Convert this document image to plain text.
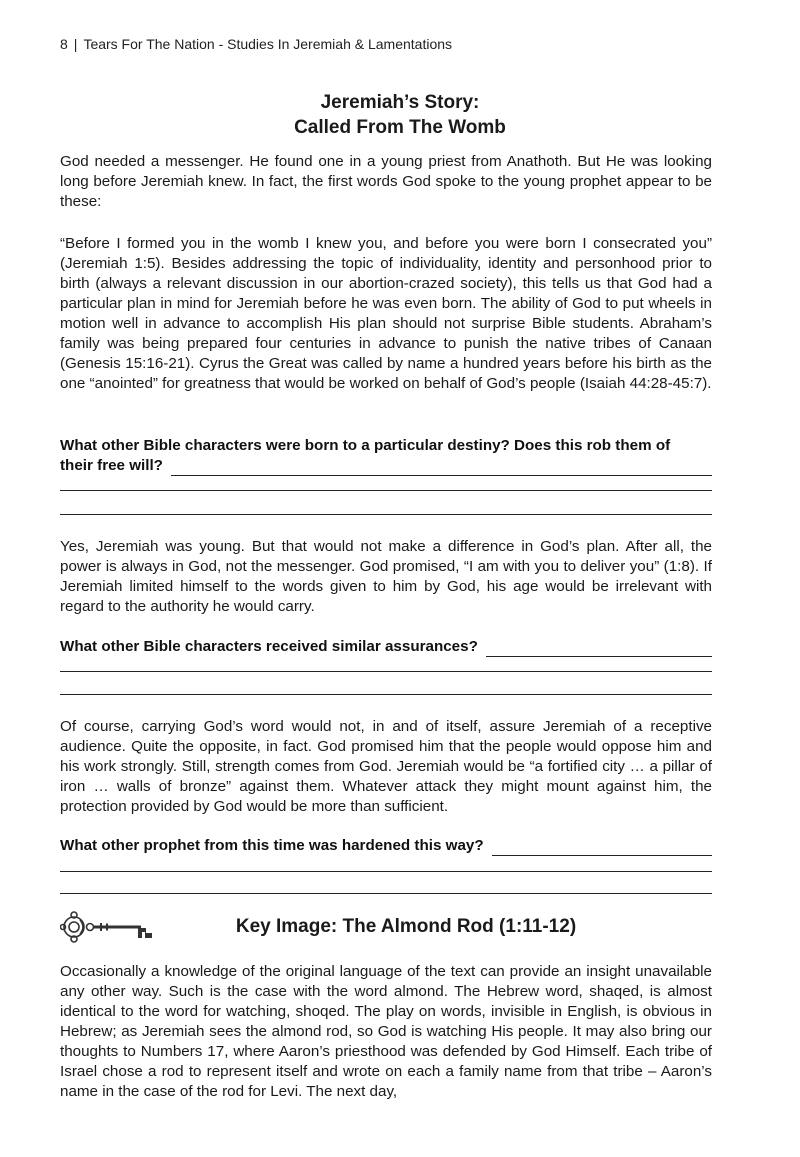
8 | Tears For The Nation - Studies In Jeremiah & Lamentations
Jeremiah’s Story:
Called From The Womb

God needed a messenger. He found one in a young priest from Anathoth. But He was looking long before Jeremiah knew. In fact, the first words God spoke to the young prophet appear to be these:

“Before I formed you in the womb I knew you, and before you were born I consecrated you” (Jeremiah 1:5). Besides addressing the topic of individuality, identity and personhood prior to birth (always a relevant discussion in our abortion-crazed society), this tells us that God had a particular plan in mind for Jeremiah before he was even born. The ability of God to put wheels in motion well in advance to accomplish His plan should not surprise Bible students. Abraham’s family was being prepared four centuries in advance to punish the native tribes of Canaan (Genesis 15:16-21). Cyrus the Great was called by name a hundred years before his birth as the one “anointed” for greatness that would be worked on behalf of God’s people (Isaiah 44:28-45:7).

What other Bible characters were born to a particular destiny? Does this rob them of
their free will?

Yes, Jeremiah was young. But that would not make a difference in God’s plan. After all, the power is always in God, not the messenger. God promised, “I am with you to deliver you” (1:8). If Jeremiah limited himself to the words given to him by God, his age would be irrelevant with regard to the authority he would carry.

What other Bible characters received similar assurances?

Of course, carrying God’s word would not, in and of itself, assure Jeremiah of a receptive audience. Quite the opposite, in fact. God promised him that the people would oppose him and his work strongly. Still, strength comes from God. Jeremiah would be “a fortified city … a pillar of iron … walls of bronze” against them. Whatever attack they might mount against him, the protection provided by God would be more than sufficient.

What other prophet from this time was hardened this way?
Key Image: The Almond Rod (1:11-12)

Occasionally a knowledge of the original language of the text can provide an insight unavailable any other way. Such is the case with the word almond. The Hebrew word, shaqed, is almost identical to the word for watching, shoqed. The play on words, invisible in English, is obvious in Hebrew; as Jeremiah sees the almond rod, so God is watching His people. It may also bring our thoughts to Numbers 17, where Aaron’s priesthood was defended by God Himself. Each tribe of Israel chose a rod to represent itself and wrote on each a family name from that tribe – Aaron’s name in the case of the rod for Levi. The next day,
